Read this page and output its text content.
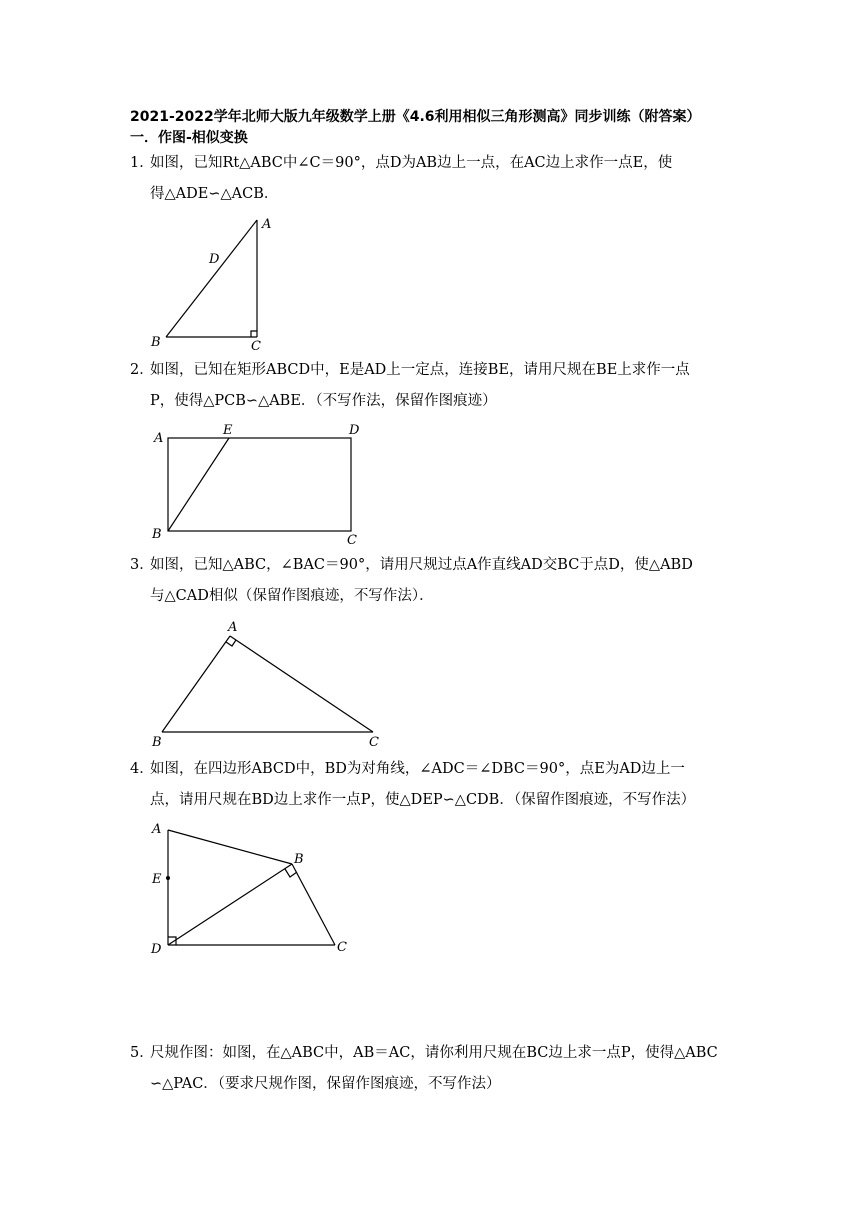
2021-2022学年北师大版九年级数学上册《4.6利用相似三角形测高》同步训练（附答案）
一．作图-相似变换
1．如图，已知Rt△ABC中∠C＝90°，点D为AB边上一点，在AC边上求作一点E，使
得△ADE∽△ACB．
A
B	C
D
2．如图，已知在矩形ABCD中，E是AD上一定点，连接BE，请用尺规在BE上求作一点
P，使得△PCB∽△ABE．（不写作法，保留作图痕迹）
A
E	D
B	C
3．如图，已知△ABC，∠BAC＝90°，请用尺规过点A作直线AD交BC于点D，使△ABD
与△CAD相似（保留作图痕迹，不写作法）．
A
B	C
4．如图，在四边形ABCD中，BD为对角线，∠ADC＝∠DBC＝90°，点E为AD边上一
点，请用尺规在BD边上求作一点P，使△DEP∽△CDB．（保留作图痕迹，不写作法）
A
B
E
D	C
5．尺规作图：如图，在△ABC中，AB＝AC，请你利用尺规在BC边上求一点P，使得△ABC
∽△PAC．（要求尺规作图，保留作图痕迹，不写作法）
